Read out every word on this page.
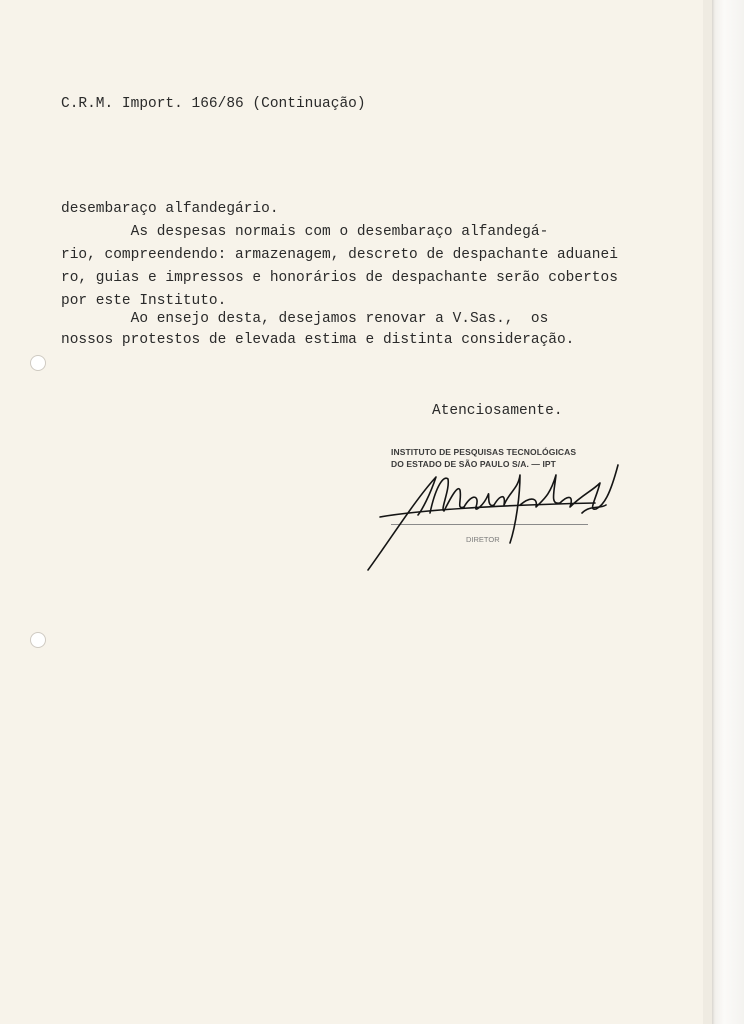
C.R.M. Import. 166/86 (Continuação)

desembaraço alfandegário.

As despesas normais com o desembaraço alfandegá-

rio, compreendendo: armazenagem, descreto de despachante aduanei

ro, guias e impressos e honorários de despachante serão cobertos

por este Instituto.

Ao ensejo desta, desejamos renovar a V.Sas.,  os

nossos protestos de elevada estima e distinta consideração.

Atenciosamente.

INSTITUTO DE PESQUISAS TECNOLÓGICAS
DO ESTADO DE SÃO PAULO S/A. — IPT
DIRETOR
